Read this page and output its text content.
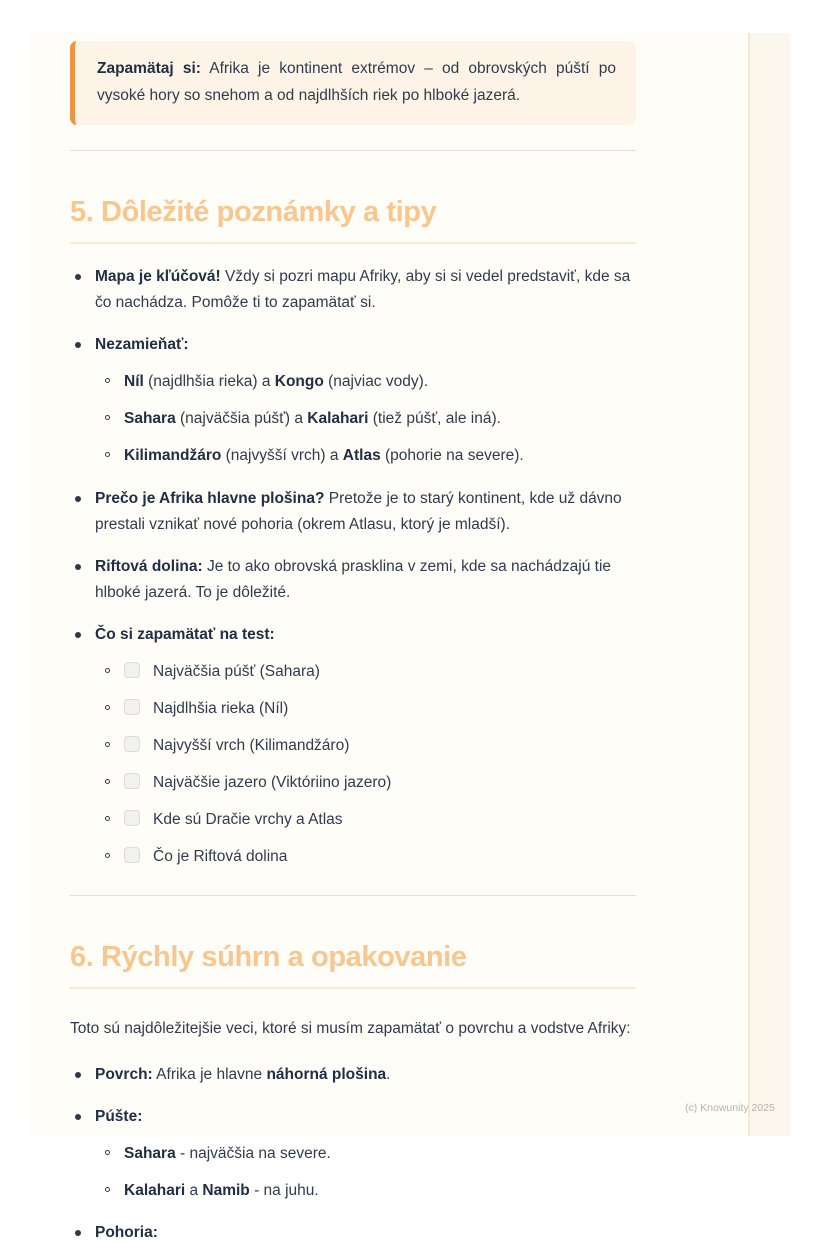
Zapamätaj si: Afrika je kontinent extrémov – od obrovských púští po vysoké hory so snehom a od najdlhších riek po hlboké jazerá.
5. Dôležité poznámky a tipy
Mapa je kľúčová! Vždy si pozri mapu Afriky, aby si si vedel predstaviť, kde sa čo nachádza. Pomôže ti to zapamätať si.
Nezamieňať:
Níl (najdlhšia rieka) a Kongo (najviac vody).
Sahara (najväčšia púšť) a Kalahari (tiež púšť, ale iná).
Kilimandžáro (najvyšší vrch) a Atlas (pohorie na severe).
Prečo je Afrika hlavne plošina? Pretože je to starý kontinent, kde už dávno prestali vznikať nové pohoria (okrem Atlasu, ktorý je mladší).
Riftová dolina: Je to ako obrovská prasklina v zemi, kde sa nachádzajú tie hlboké jazerá. To je dôležité.
Čo si zapamätať na test:
Najväčšia púšť (Sahara)
Najdlhšia rieka (Níl)
Najvyšší vrch (Kilimandžáro)
Najväčšie jazero (Viktóriino jazero)
Kde sú Dračie vrchy a Atlas
Čo je Riftová dolina
6. Rýchly súhrn a opakovanie

Toto sú najdôležitejšie veci, ktoré si musím zapamätať o povrchu a vodstve Afriky:

Povrch: Afrika je hlavne náhorná plošina.
Púšte:
Sahara - najväčšia na severe.
Kalahari a Namib - na juhu.
Pohoria:
(c) Knowunity 2025
